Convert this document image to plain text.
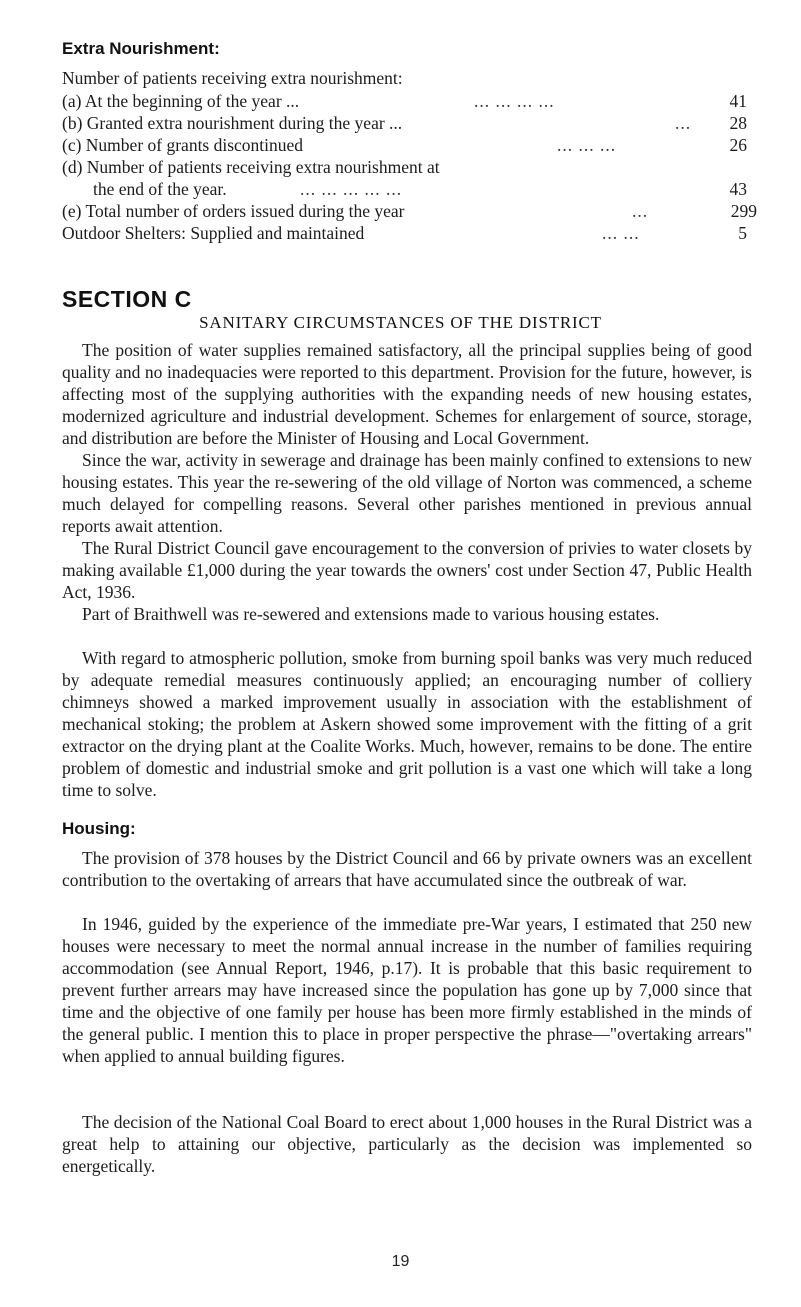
Extra Nourishment:
Number of patients receiving extra nourishment:
(a) At the beginning of the year ...	... ... ... ...	41
(b) Granted extra nourishment during the year ...	...	28
(c) Number of grants discontinued	... ... ...	26
(d) Number of patients receiving extra nourishment at
the end of the year.	... ... ... ... ...	43
(e) Total number of orders issued during the year	...	299
Outdoor Shelters: Supplied and maintained	... ...	5
SECTION C
SANITARY CIRCUMSTANCES OF THE DISTRICT

The position of water supplies remained satisfactory, all the principal supplies being of good quality and no inadequacies were reported to this department. Provision for the future, however, is affecting most of the supplying authorities with the expanding needs of new housing estates, modernized agriculture and industrial development. Schemes for enlargement of source, storage, and distribution are before the Minister of Housing and Local Government.

Since the war, activity in sewerage and drainage has been mainly confined to extensions to new housing estates. This year the re-sewering of the old village of Norton was commenced, a scheme much delayed for compelling reasons. Several other parishes mentioned in previous annual reports await attention.

The Rural District Council gave encouragement to the conversion of privies to water closets by making available £1,000 during the year towards the owners' cost under Section 47, Public Health Act, 1936.

Part of Braithwell was re-sewered and extensions made to various housing estates.

With regard to atmospheric pollution, smoke from burning spoil banks was very much reduced by adequate remedial measures continuously applied; an encouraging number of colliery chimneys showed a marked improvement usually in association with the establishment of mechanical stoking; the problem at Askern showed some improvement with the fitting of a grit extractor on the drying plant at the Coalite Works. Much, however, remains to be done. The entire problem of domestic and industrial smoke and grit pollution is a vast one which will take a long time to solve.

Housing:

The provision of 378 houses by the District Council and 66 by private owners was an excellent contribution to the overtaking of arrears that have accumulated since the outbreak of war.

In 1946, guided by the experience of the immediate pre-War years, I estimated that 250 new houses were necessary to meet the normal annual increase in the number of families requiring accommodation (see Annual Report, 1946, p.17). It is probable that this basic requirement to prevent further arrears may have increased since the population has gone up by 7,000 since that time and the objective of one family per house has been more firmly established in the minds of the general public. I mention this to place in proper perspective the phrase—"overtaking arrears" when applied to annual building figures.

The decision of the National Coal Board to erect about 1,000 houses in the Rural District was a great help to attaining our objective, particularly as the decision was implemented so energetically.

19
